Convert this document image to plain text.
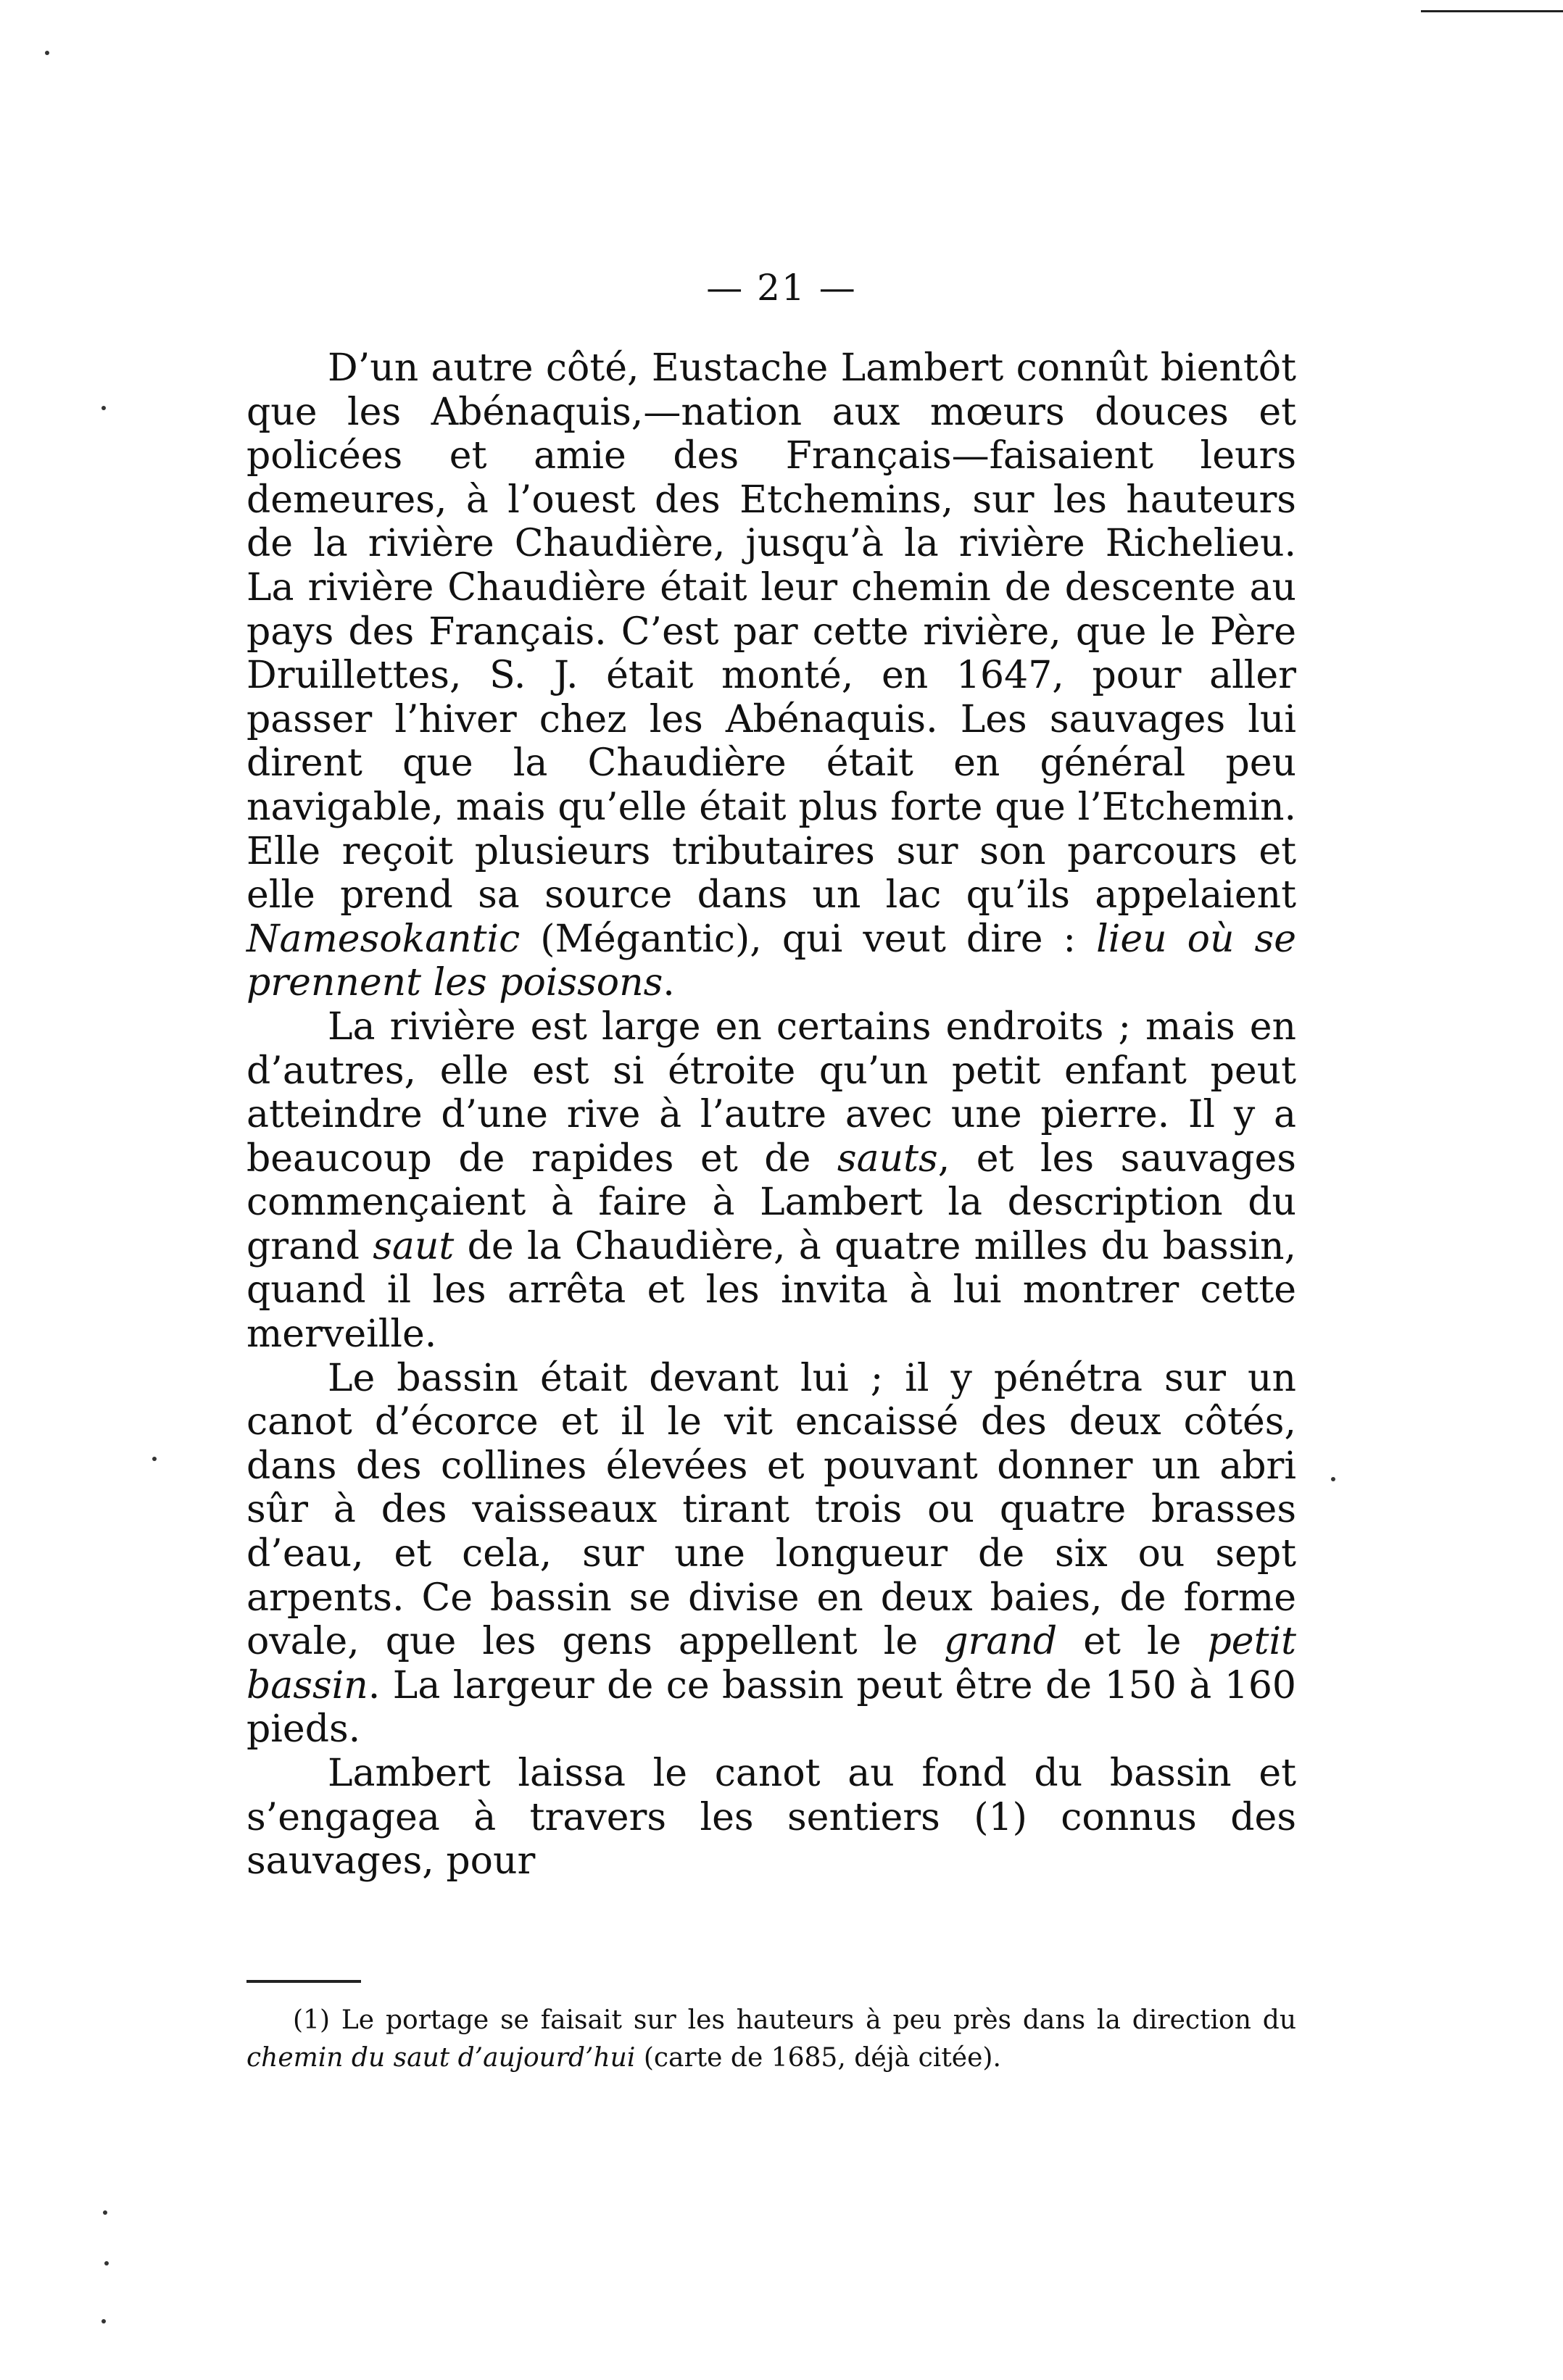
— 21 —

D’un autre côté, Eustache Lambert connût bientôt que les Abénaquis,—nation aux mœurs douces et policées et amie des Français—faisaient leurs demeures, à l’ouest des Etchemins, sur les hauteurs de la rivière Chaudière, jusqu’à la rivière Richelieu. La rivière Chaudière était leur chemin de descente au pays des Français. C’est par cette rivière, que le Père Druillettes, S. J. était monté, en 1647, pour aller passer l’hiver chez les Abénaquis. Les sauvages lui dirent que la Chaudière était en général peu navigable, mais qu’elle était plus forte que l’Etchemin. Elle reçoit plusieurs tributaires sur son parcours et elle prend sa source dans un lac qu’ils appelaient Namesokantic (Mégantic), qui veut dire : lieu où se prennent les poissons.

La rivière est large en certains endroits ; mais en d’autres, elle est si étroite qu’un petit enfant peut atteindre d’une rive à l’autre avec une pierre. Il y a beaucoup de rapides et de sauts, et les sauvages commençaient à faire à Lambert la description du grand saut de la Chaudière, à quatre milles du bassin, quand il les arrêta et les invita à lui montrer cette merveille.

Le bassin était devant lui ; il y pénétra sur un canot d’écorce et il le vit encaissé des deux côtés, dans des collines élevées et pouvant donner un abri sûr à des vaisseaux tirant trois ou quatre brasses d’eau, et cela, sur une longueur de six ou sept arpents. Ce bassin se divise en deux baies, de forme ovale, que les gens appellent le grand et le petit bassin. La largeur de ce bassin peut être de 150 à 160 pieds.

Lambert laissa le canot au fond du bassin et s’engagea à travers les sentiers (1) connus des sauvages, pour

(1) Le portage se faisait sur les hauteurs à peu près dans la direction du chemin du saut d’aujourd’hui (carte de 1685, déjà citée).
